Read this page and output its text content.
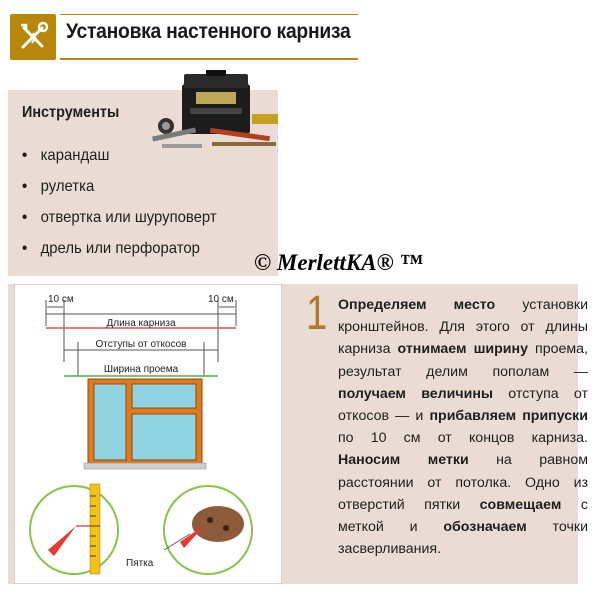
Установка настенного карниза
Инструменты
• карандаш
• рулетка
• отвертка или шуруповерт
• дрель или перфоратор
© MerlettKA® ™
10 см	10 см
Длина карниза
Отступы от откосов
Ширина проема
Пятка
1 Определяем место установки кронштейнов. Для этого от длины карниза отнимаем ширину проема, результат делим пополам — получаем величины отступа от откосов — и прибавляем припуски по 10 см от концов карниза. Наносим метки на равном расстоянии от потолка. Одно из отверстий пятки совмещаем с меткой и обозначаем точки засверливания.
